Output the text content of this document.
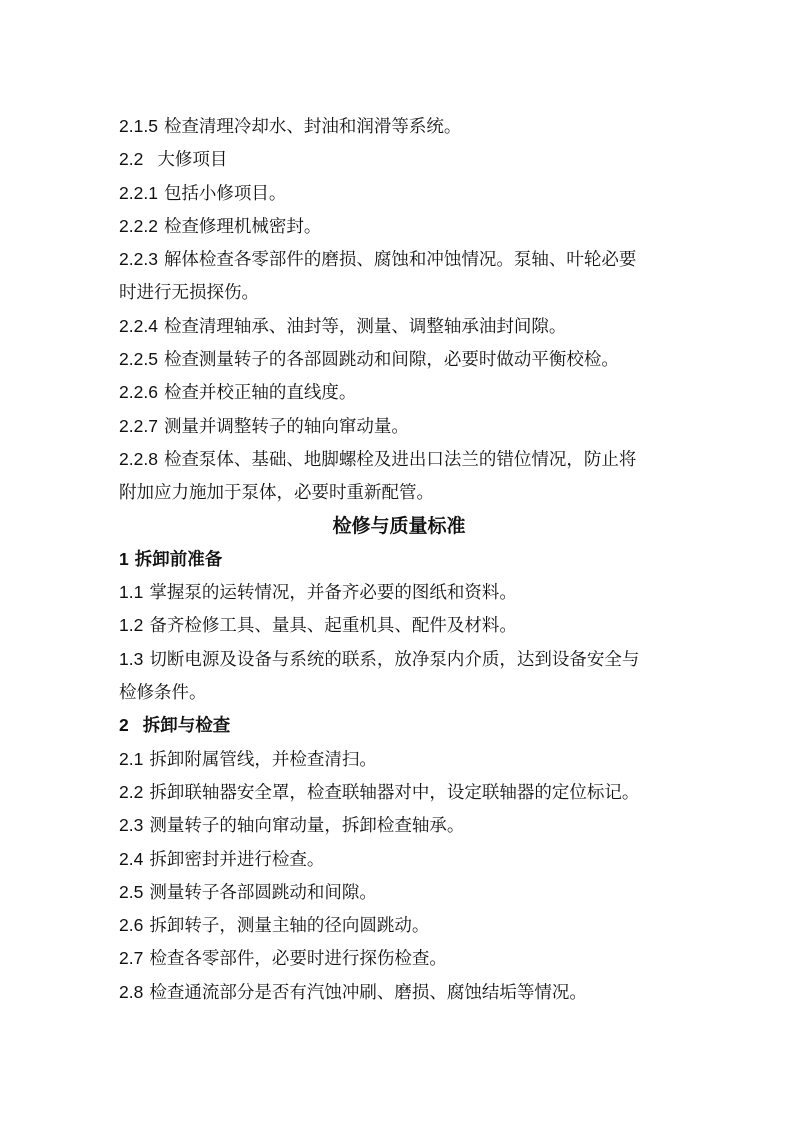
2.1.5 检查清理冷却水、封油和润滑等系统。
2.2 大修项目
2.2.1 包括小修项目。
2.2.2 检查修理机械密封。
2.2.3 解体检查各零部件的磨损、腐蚀和冲蚀情况。泵轴、叶轮必要
时进行无损探伤。
2.2.4 检查清理轴承、油封等，测量、调整轴承油封间隙。
2.2.5 检查测量转子的各部圆跳动和间隙，必要时做动平衡校检。
2.2.6 检查并校正轴的直线度。
2.2.7 测量并调整转子的轴向窜动量。
2.2.8 检查泵体、基础、地脚螺栓及进出口法兰的错位情况，防止将
附加应力施加于泵体，必要时重新配管。
检修与质量标准
1 拆卸前准备
1.1 掌握泵的运转情况，并备齐必要的图纸和资料。
1.2 备齐检修工具、量具、起重机具、配件及材料。
1.3 切断电源及设备与系统的联系，放净泵内介质，达到设备安全与
检修条件。
2 拆卸与检查
2.1 拆卸附属管线，并检查清扫。
2.2 拆卸联轴器安全罩，检查联轴器对中，设定联轴器的定位标记。
2.3 测量转子的轴向窜动量，拆卸检查轴承。
2.4 拆卸密封并进行检查。
2.5 测量转子各部圆跳动和间隙。
2.6 拆卸转子，测量主轴的径向圆跳动。
2.7 检查各零部件，必要时进行探伤检查。
2.8 检查通流部分是否有汽蚀冲刷、磨损、腐蚀结垢等情况。
